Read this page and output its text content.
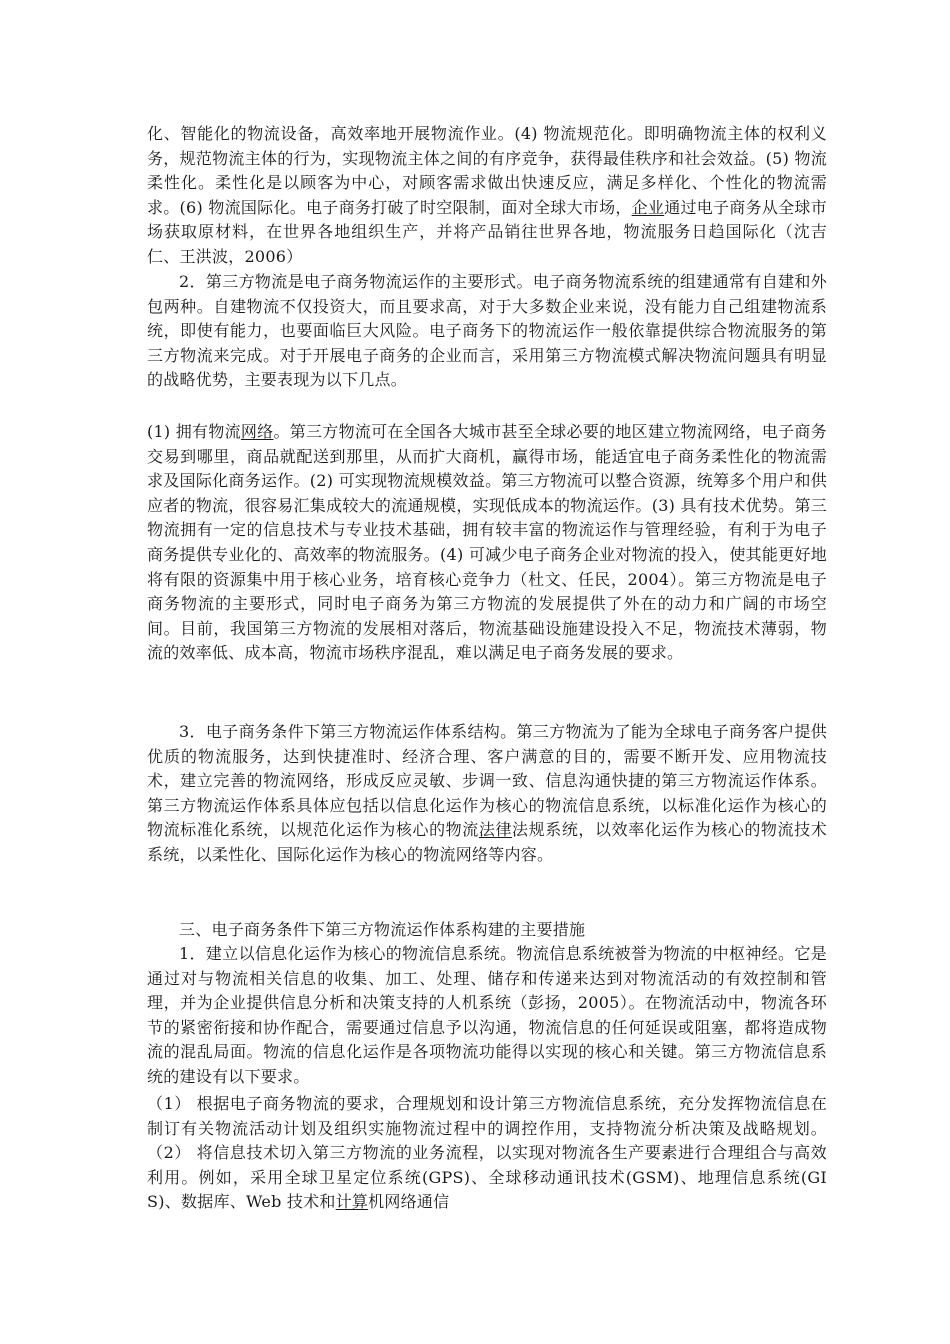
化、智能化的物流设备，高效率地开展物流作业。(4) 物流规范化。即明确物流主体的权利义务，规范物流主体的行为，实现物流主体之间的有序竞争，获得最佳秩序和社会效益。(5) 物流柔性化。柔性化是以顾客为中心，对顾客需求做出快速反应，满足多样化、个性化的物流需求。(6) 物流国际化。电子商务打破了时空限制，面对全球大市场，企业通过电子商务从全球市场获取原材料，在世界各地组织生产，并将产品销往世界各地，物流服务日趋国际化（沈吉仁、王洪波，2006）

2．第三方物流是电子商务物流运作的主要形式。电子商务物流系统的组建通常有自建和外包两种。自建物流不仅投资大，而且要求高，对于大多数企业来说，没有能力自己组建物流系统，即使有能力，也要面临巨大风险。电子商务下的物流运作一般依靠提供综合物流服务的第三方物流来完成。对于开展电子商务的企业而言，采用第三方物流模式解决物流问题具有明显的战略优势，主要表现为以下几点。

(1) 拥有物流网络。第三方物流可在全国各大城市甚至全球必要的地区建立物流网络，电子商务交易到哪里，商品就配送到那里，从而扩大商机，赢得市场，能适宜电子商务柔性化的物流需求及国际化商务运作。(2) 可实现物流规模效益。第三方物流可以整合资源，统筹多个用户和供应者的物流，很容易汇集成较大的流通规模，实现低成本的物流运作。(3) 具有技术优势。第三物流拥有一定的信息技术与专业技术基础，拥有较丰富的物流运作与管理经验，有利于为电子商务提供专业化的、高效率的物流服务。(4) 可减少电子商务企业对物流的投入，使其能更好地将有限的资源集中用于核心业务，培育核心竞争力（杜文、任民，2004）。第三方物流是电子商务物流的主要形式，同时电子商务为第三方物流的发展提供了外在的动力和广阔的市场空间。目前，我国第三方物流的发展相对落后，物流基础设施建设投入不足，物流技术薄弱，物流的效率低、成本高，物流市场秩序混乱，难以满足电子商务发展的要求。

3．电子商务条件下第三方物流运作体系结构。第三方物流为了能为全球电子商务客户提供优质的物流服务，达到快捷准时、经济合理、客户满意的目的，需要不断开发、应用物流技术，建立完善的物流网络，形成反应灵敏、步调一致、信息沟通快捷的第三方物流运作体系。第三方物流运作体系具体应包括以信息化运作为核心的物流信息系统，以标准化运作为核心的物流标准化系统，以规范化运作为核心的物流法律法规系统，以效率化运作为核心的物流技术系统，以柔性化、国际化运作为核心的物流网络等内容。

三、电子商务条件下第三方物流运作体系构建的主要措施

1．建立以信息化运作为核心的物流信息系统。物流信息系统被誉为物流的中枢神经。它是通过对与物流相关信息的收集、加工、处理、储存和传递来达到对物流活动的有效控制和管理，并为企业提供信息分析和决策支持的人机系统（彭扬，2005）。在物流活动中，物流各环节的紧密衔接和协作配合，需要通过信息予以沟通，物流信息的任何延误或阻塞，都将造成物流的混乱局面。物流的信息化运作是各项物流功能得以实现的核心和关键。第三方物流信息系统的建设有以下要求。

（1） 根据电子商务物流的要求，合理规划和设计第三方物流信息系统，充分发挥物流信息在制订有关物流活动计划及组织实施物流过程中的调控作用，支持物流分析决策及战略规划。（2） 将信息技术切入第三方物流的业务流程，以实现对物流各生产要素进行合理组合与高效利用。例如，采用全球卫星定位系统(GPS)、全球移动通讯技术(GSM)、地理信息系统(GIS)、数据库、Web 技术和计算机网络通信
